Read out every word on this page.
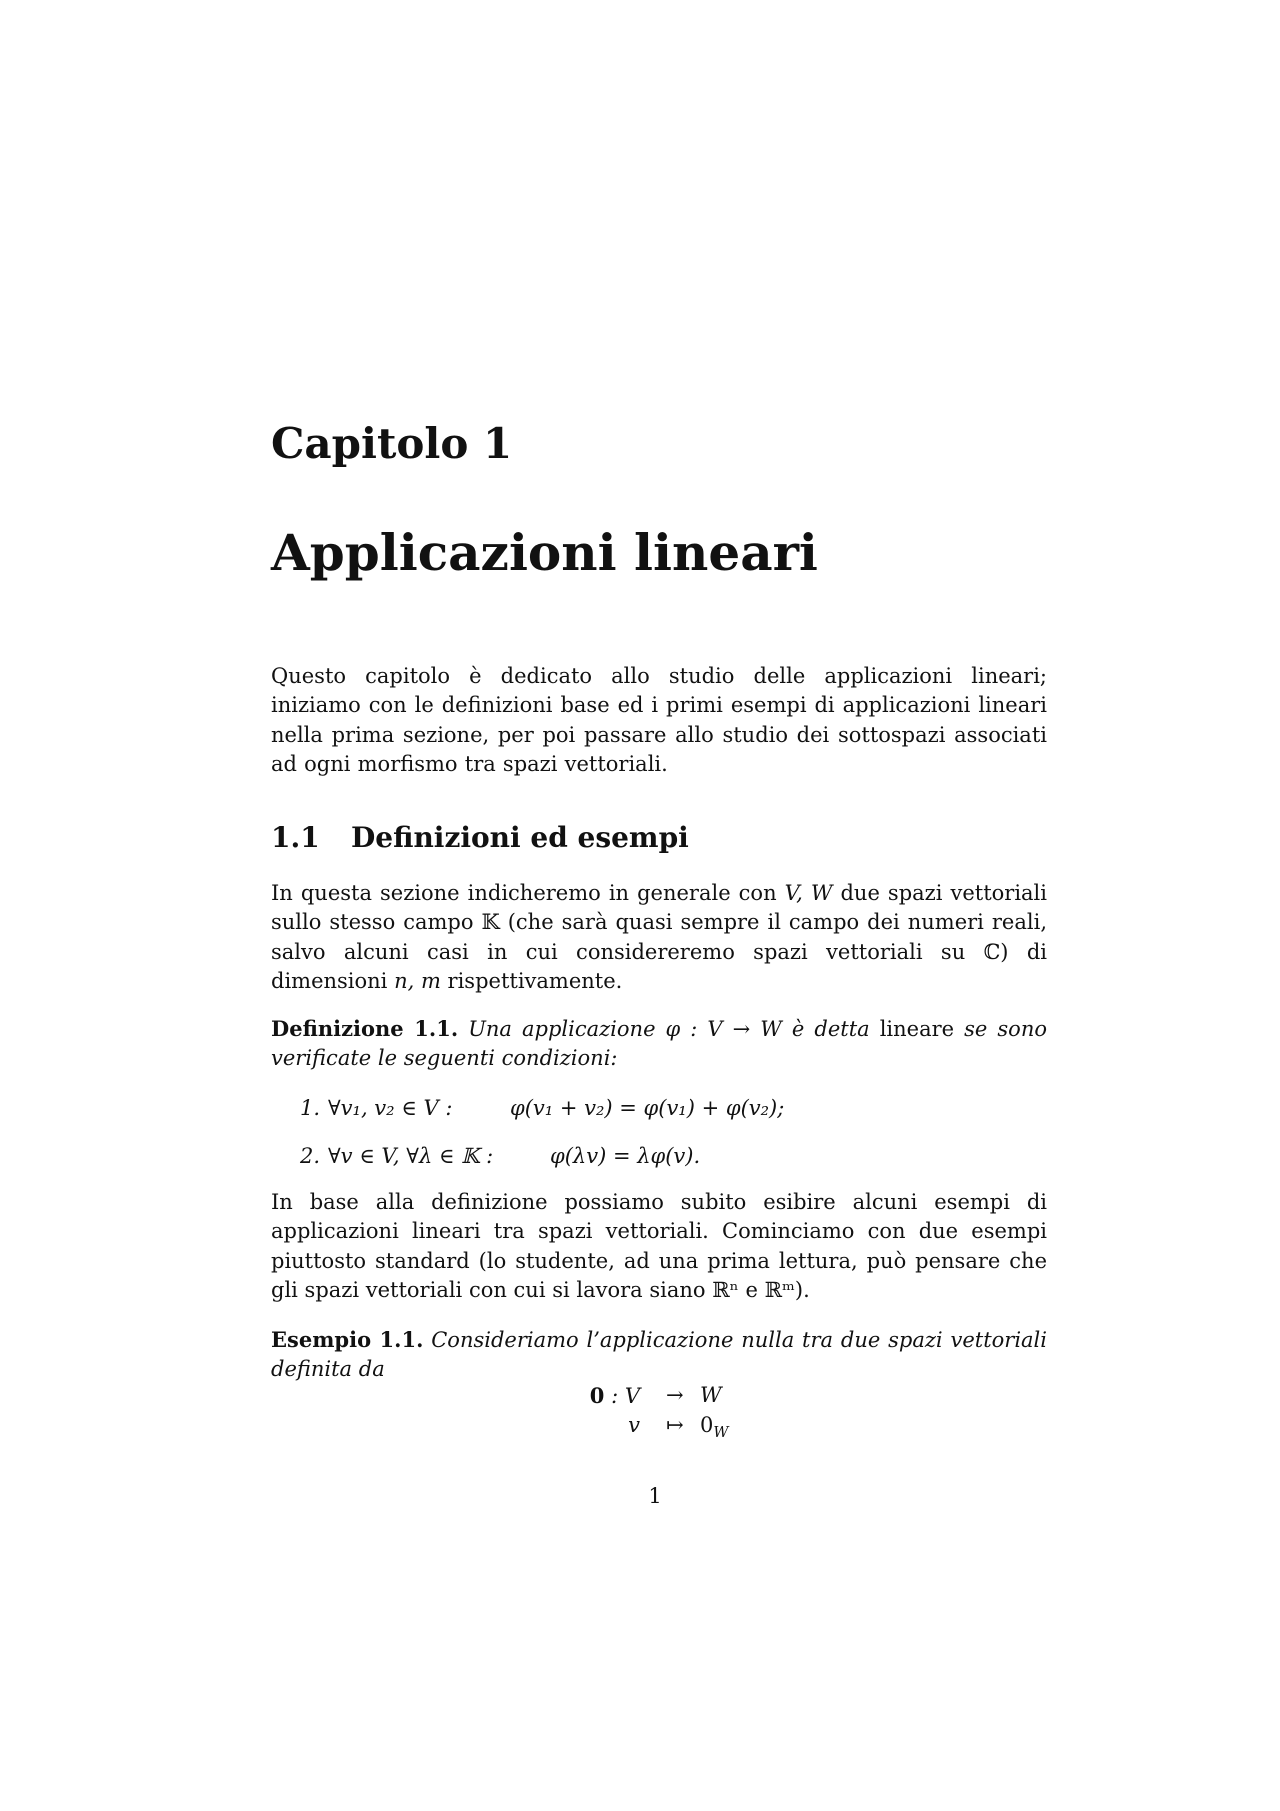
Capitolo 1
Applicazioni lineari
Questo capitolo è dedicato allo studio delle applicazioni lineari; iniziamo con le definizioni base ed i primi esempi di applicazioni lineari nella prima sezione, per poi passare allo studio dei sottospazi associati ad ogni morfismo tra spazi vettoriali.
1.1 Definizioni ed esempi
In questa sezione indicheremo in generale con V, W due spazi vettoriali sullo stesso campo 𝕂 (che sarà quasi sempre il campo dei numeri reali, salvo alcuni casi in cui considereremo spazi vettoriali su ℂ) di dimensioni n, m rispettivamente.
Definizione 1.1. Una applicazione φ : V → W è detta lineare se sono verificate le seguenti condizioni:
1. ∀v₁, v₂ ∈ V :	φ(v₁ + v₂) = φ(v₁) + φ(v₂);
2. ∀v ∈ V, ∀λ ∈ 𝕂 :	φ(λv) = λφ(v).
In base alla definizione possiamo subito esibire alcuni esempi di applicazioni lineari tra spazi vettoriali. Cominciamo con due esempi piuttosto standard (lo studente, ad una prima lettura, può pensare che gli spazi vettoriali con cui si lavora siano ℝⁿ e ℝᵐ).
Esempio 1.1. Consideriamo l’applicazione nulla tra due spazi vettoriali definita da
0 : V → W
v ↦ $0_W$
1
